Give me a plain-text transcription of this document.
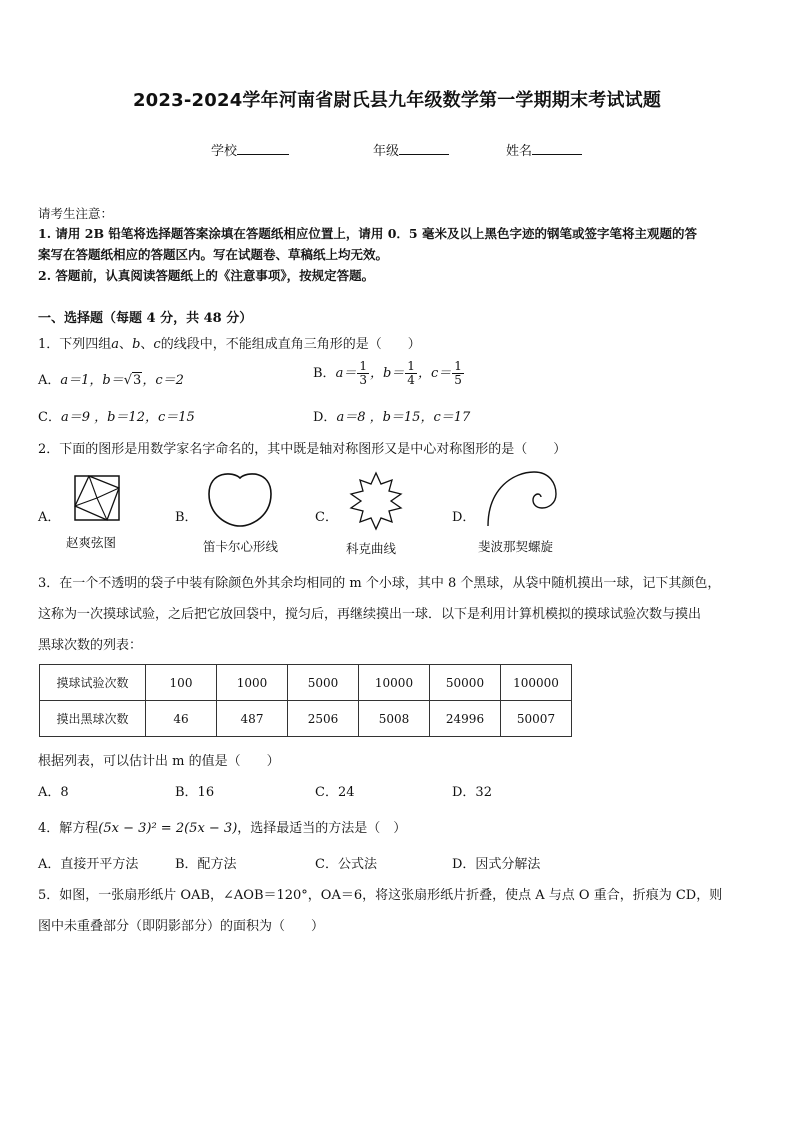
2023-2024学年河南省尉氏县九年级数学第一学期期末考试试题
学校	年级	姓名
请考生注意：
1. 请用 2B 铅笔将选择题答案涂填在答题纸相应位置上，请用 0．5 毫米及以上黑色字迹的钢笔或签字笔将主观题的答
案写在答题纸相应的答题区内。写在试题卷、草稿纸上均无效。
2. 答题前，认真阅读答题纸上的《注意事项》，按规定答题。
一、选择题（每题 4 分，共 48 分）
1．下列四组a、b、c的线段中，不能组成直角三角形的是（　　）
A．a＝1，b＝√3，c＝2	B．$a= \frac{1}{3}$ ，$b= \frac{1}{4}$ ，$c= \frac{1}{5}$
C．a＝9 ，b＝12，c＝15	D．a＝8 ，b＝15，c＝17
2．下面的图形是用数学家名字命名的，其中既是轴对称图形又是中心对称图形的是（　　）
A．
赵爽弦图
B．
笛卡尔心形线
C．
科克曲线
D．
斐波那契螺旋
3．在一个不透明的袋子中装有除颜色外其余均相同的 m 个小球，其中 8 个黑球，从袋中随机摸出一球，记下其颜色，
这称为一次摸球试验，之后把它放回袋中，搅匀后，再继续摸出一球．以下是利用计算机模拟的摸球试验次数与摸出
黑球次数的列表：
摸球试验次数	100	1000	5000	10000	50000	100000
摸出黑球次数	46	487	2506	5008	24996	50007
根据列表，可以估计出 m 的值是（　　）
A．8	B．16	C．24	D．32
4．解方程(5x − 3)² = 2(5x − 3)，选择最适当的方法是（　）
A．直接开平方法	B．配方法	C．公式法	D．因式分解法
5．如图，一张扇形纸片 OAB，∠AOB＝120°，OA＝6，将这张扇形纸片折叠，使点 A 与点 O 重合，折痕为 CD，则
图中未重叠部分（即阴影部分）的面积为（　　）
